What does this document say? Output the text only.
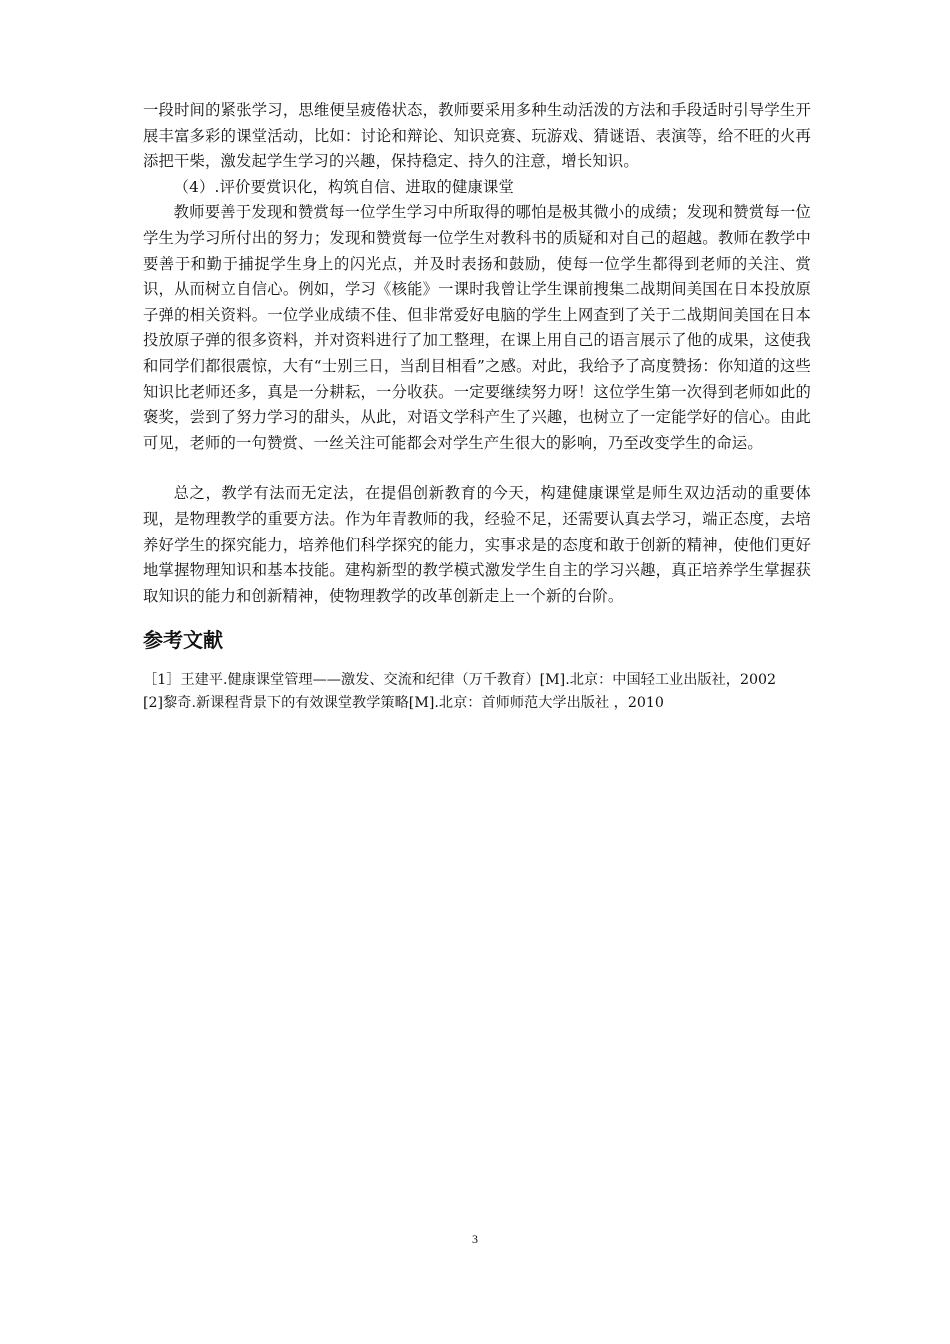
一段时间的紧张学习，思维便呈疲倦状态，教师要采用多种生动活泼的方法和手段适时引导学生开展丰富多彩的课堂活动，比如：讨论和辩论、知识竞赛、玩游戏、猜谜语、表演等，给不旺的火再添把干柴，激发起学生学习的兴趣，保持稳定、持久的注意，增长知识。

（4）.评价要赏识化，构筑自信、进取的健康课堂

教师要善于发现和赞赏每一位学生学习中所取得的哪怕是极其微小的成绩；发现和赞赏每一位学生为学习所付出的努力；发现和赞赏每一位学生对教科书的质疑和对自己的超越。教师在教学中要善于和勤于捕捉学生身上的闪光点，并及时表扬和鼓励，使每一位学生都得到老师的关注、赏识，从而树立自信心。例如，学习《核能》一课时我曾让学生课前搜集二战期间美国在日本投放原子弹的相关资料。一位学业成绩不佳、但非常爱好电脑的学生上网查到了关于二战期间美国在日本投放原子弹的很多资料，并对资料进行了加工整理，在课上用自己的语言展示了他的成果，这使我和同学们都很震惊，大有“士别三日，当刮目相看”之感。对此，我给予了高度赞扬：你知道的这些知识比老师还多，真是一分耕耘，一分收获。一定要继续努力呀！这位学生第一次得到老师如此的褒奖，尝到了努力学习的甜头，从此，对语文学科产生了兴趣，也树立了一定能学好的信心。由此可见，老师的一句赞赏、一丝关注可能都会对学生产生很大的影响，乃至改变学生的命运。

总之，教学有法而无定法，在提倡创新教育的今天，构建健康课堂是师生双边活动的重要体现，是物理教学的重要方法。作为年青教师的我，经验不足，还需要认真去学习，端正态度，去培养好学生的探究能力，培养他们科学探究的能力，实事求是的态度和敢于创新的精神，使他们更好地掌握物理知识和基本技能。建构新型的教学模式激发学生自主的学习兴趣，真正培养学生掌握获取知识的能力和创新精神，使物理教学的改革创新走上一个新的台阶。

参考文献

［1］王建平.健康课堂管理——激发、交流和纪律（万千教育）[M].北京：中国轻工业出版社，2002

[2]黎奇.新课程背景下的有效课堂教学策略[M].北京：首师师范大学出版社 ，2010

3
